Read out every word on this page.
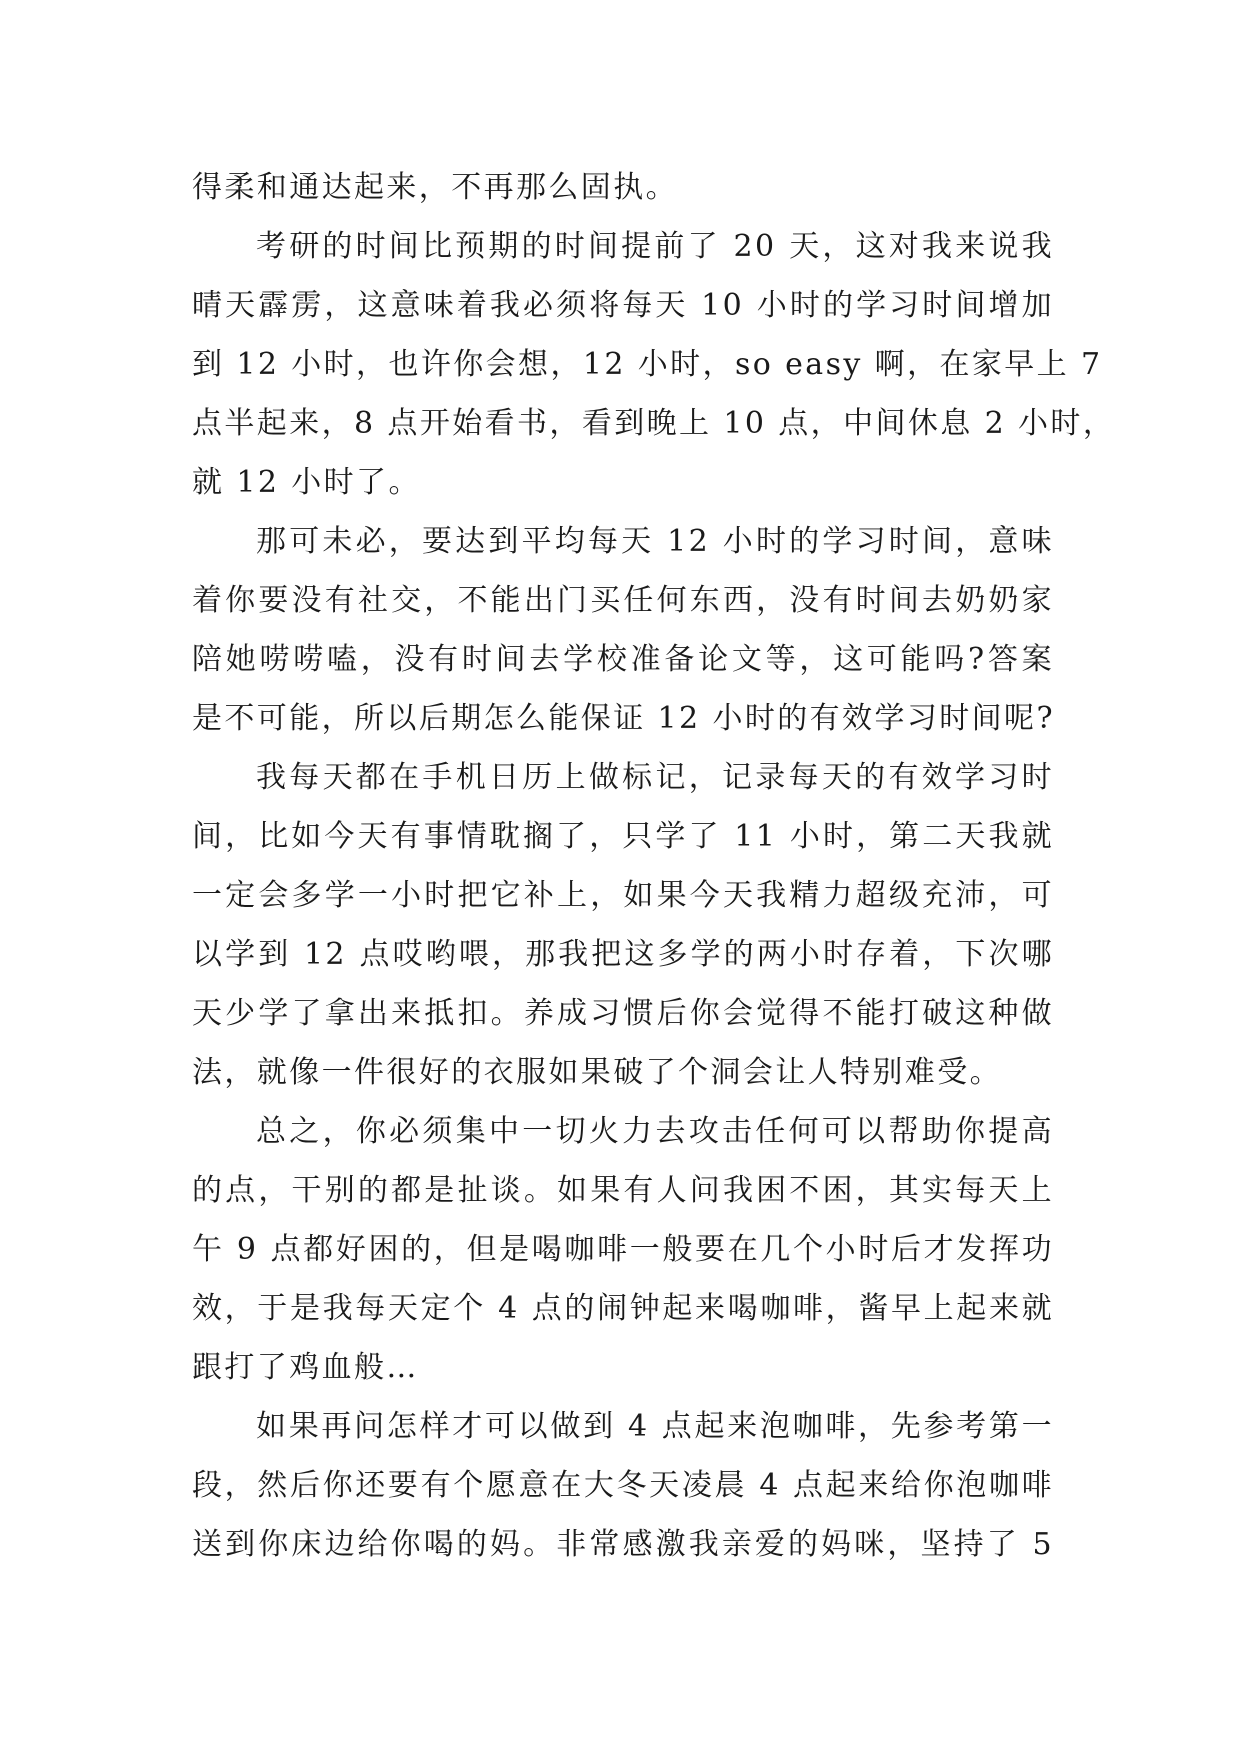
得柔和通达起来，不再那么固执。
考研的时间比预期的时间提前了 20 天，这对我来说我
晴天霹雳，这意味着我必须将每天 10 小时的学习时间增加
到 12 小时，也许你会想，12 小时，so easy 啊，在家早上 7
点半起来，8 点开始看书，看到晚上 10 点，中间休息 2 小时，
就 12 小时了。
那可未必，要达到平均每天 12 小时的学习时间，意味
着你要没有社交，不能出门买任何东西，没有时间去奶奶家
陪她唠唠嗑，没有时间去学校准备论文等，这可能吗?答案
是不可能，所以后期怎么能保证 12 小时的有效学习时间呢?
我每天都在手机日历上做标记，记录每天的有效学习时
间，比如今天有事情耽搁了，只学了 11 小时，第二天我就
一定会多学一小时把它补上，如果今天我精力超级充沛，可
以学到 12 点哎哟喂，那我把这多学的两小时存着，下次哪
天少学了拿出来抵扣。养成习惯后你会觉得不能打破这种做
法，就像一件很好的衣服如果破了个洞会让人特别难受。
总之，你必须集中一切火力去攻击任何可以帮助你提高
的点，干别的都是扯谈。如果有人问我困不困，其实每天上
午 9 点都好困的，但是喝咖啡一般要在几个小时后才发挥功
效，于是我每天定个 4 点的闹钟起来喝咖啡，酱早上起来就
跟打了鸡血般…
如果再问怎样才可以做到 4 点起来泡咖啡，先参考第一
段，然后你还要有个愿意在大冬天凌晨 4 点起来给你泡咖啡
送到你床边给你喝的妈。非常感激我亲爱的妈咪，坚持了 5
